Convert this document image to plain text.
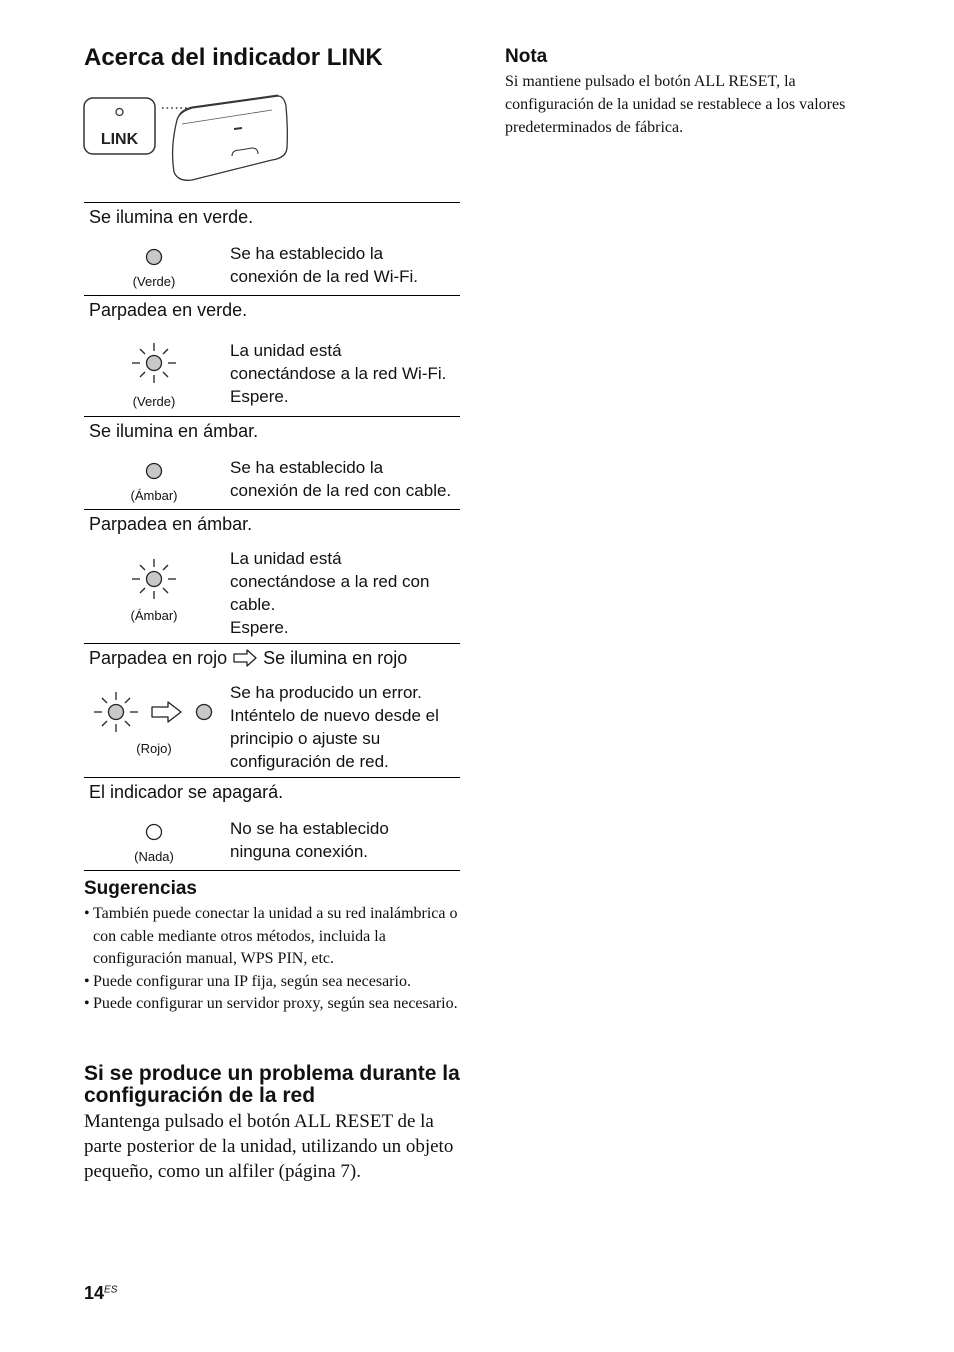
Acerca del indicador LINK
LINK
Se ilumina en verde.
(Verde)
Se ha establecido la
conexión de la red Wi-Fi.
Parpadea en verde.
(Verde)
La unidad está
conectándose a la red Wi-Fi.
Espere.
Se ilumina en ámbar.
(Ámbar)
Se ha establecido la
conexión de la red con cable.
Parpadea en ámbar.
(Ámbar)
La unidad está
conectándose a la red con
cable.
Espere.
Parpadea en rojo Se ilumina en rojo
(Rojo)
Se ha producido un error.
Inténtelo de nuevo desde el
principio o ajuste su
configuración de red.
El indicador se apagará.
(Nada)
No se ha establecido
ninguna conexión.
Sugerencias
• También puede conectar la unidad a su red inalámbrica o con cable mediante otros métodos, incluida la configuración manual, WPS PIN, etc.
• Puede configurar una IP fija, según sea necesario.
• Puede configurar un servidor proxy, según sea necesario.
Si se produce un problema durante la configuración de la red
Mantenga pulsado el botón ALL RESET de la parte posterior de la unidad, utilizando un objeto pequeño, como un alfiler (página 7).
Nota
Si mantiene pulsado el botón ALL RESET, la configuración de la unidad se restablece a los valores predeterminados de fábrica.
$14^{ES}$
